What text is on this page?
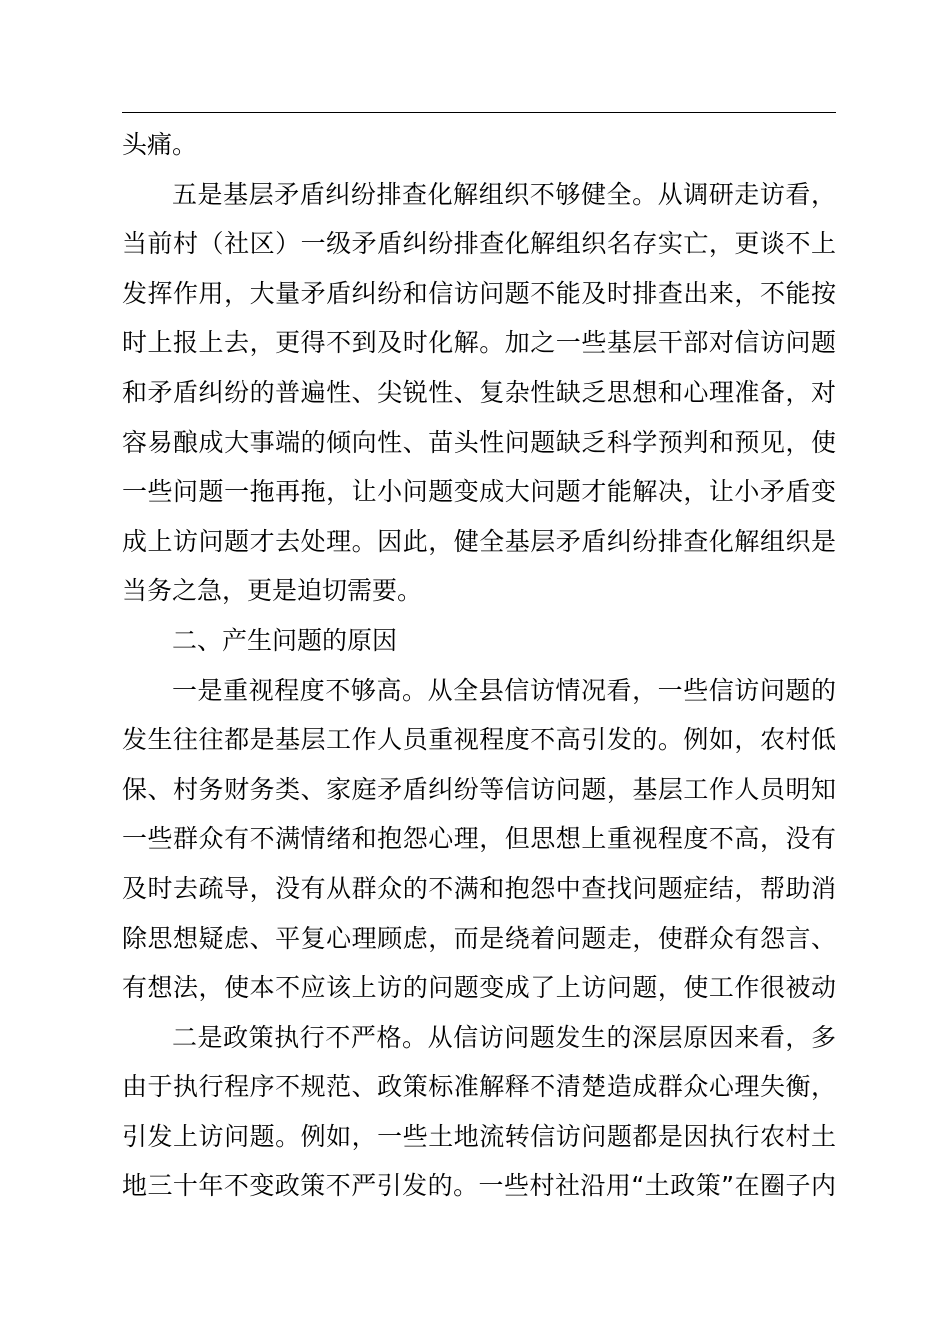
头痛。
五是基层矛盾纠纷排查化解组织不够健全。从调研走访看，
当前村（社区）一级矛盾纠纷排查化解组织名存实亡，更谈不上
发挥作用，大量矛盾纠纷和信访问题不能及时排查出来，不能按
时上报上去，更得不到及时化解。加之一些基层干部对信访问题
和矛盾纠纷的普遍性、尖锐性、复杂性缺乏思想和心理准备，对
容易酿成大事端的倾向性、苗头性问题缺乏科学预判和预见，使
一些问题一拖再拖，让小问题变成大问题才能解决，让小矛盾变
成上访问题才去处理。因此，健全基层矛盾纠纷排查化解组织是
当务之急，更是迫切需要。
二、产生问题的原因
一是重视程度不够高。从全县信访情况看，一些信访问题的
发生往往都是基层工作人员重视程度不高引发的。例如，农村低
保、村务财务类、家庭矛盾纠纷等信访问题，基层工作人员明知
一些群众有不满情绪和抱怨心理，但思想上重视程度不高，没有
及时去疏导，没有从群众的不满和抱怨中查找问题症结，帮助消
除思想疑虑、平复心理顾虑，而是绕着问题走，使群众有怨言、
有想法，使本不应该上访的问题变成了上访问题，使工作很被动
二是政策执行不严格。从信访问题发生的深层原因来看，多
由于执行程序不规范、政策标准解释不清楚造成群众心理失衡，
引发上访问题。例如，一些土地流转信访问题都是因执行农村土
地三十年不变政策不严引发的。一些村社沿用“土政策”在圈子内
